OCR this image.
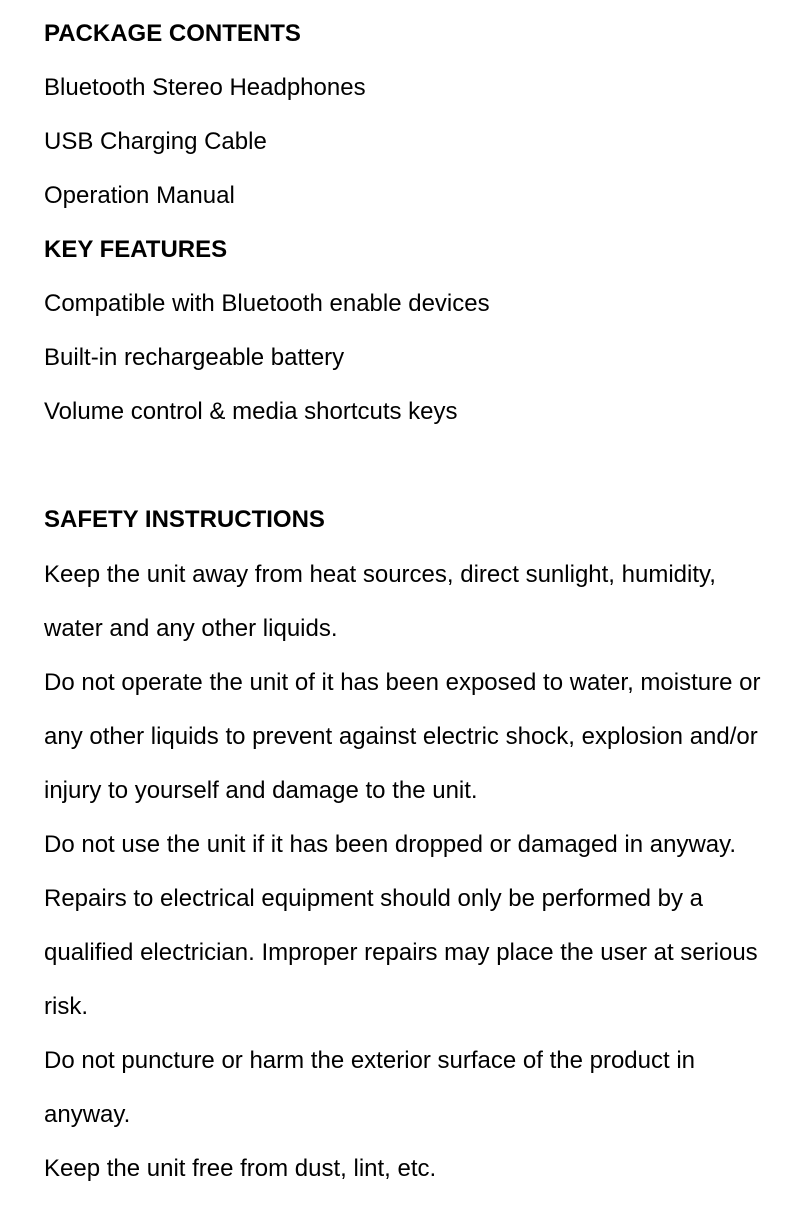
PACKAGE CONTENTS

Bluetooth Stereo Headphones

USB Charging Cable

Operation Manual

KEY FEATURES

Compatible with Bluetooth enable devices

Built-in rechargeable battery

Volume control & media shortcuts keys

SAFETY INSTRUCTIONS

Keep the unit away from heat sources, direct sunlight, humidity,

water and any other liquids.

Do not operate the unit of it has been exposed to water, moisture or

any other liquids to prevent against electric shock, explosion and/or

injury to yourself and damage to the unit.

Do not use the unit if it has been dropped or damaged in anyway.

Repairs to electrical equipment should only be performed by a

qualified electrician. Improper repairs may place the user at serious

risk.

Do not puncture or harm the exterior surface of the product in

anyway.

Keep the unit free from dust, lint, etc.
